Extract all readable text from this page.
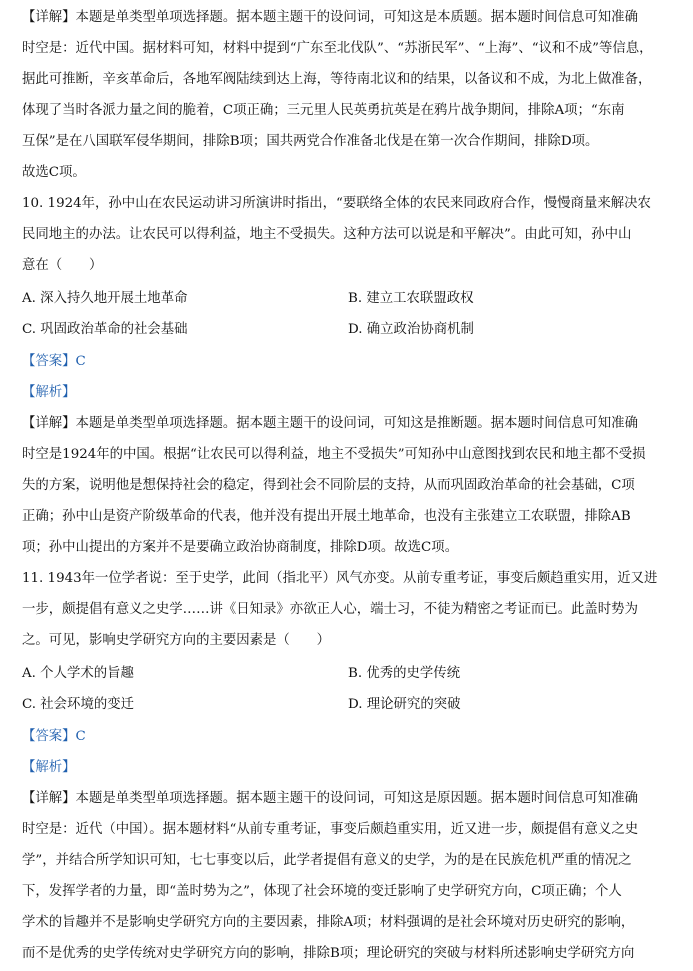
【详解】本题是单类型单项选择题。据本题主题干的设问词，可知这是本质题。据本题时间信息可知准确
时空是：近代中国。据材料可知，材料中提到“广东至北伐队”、“苏浙民军”、“上海”、“议和不成”等信息，
据此可推断，辛亥革命后，各地军阀陆续到达上海，等待南北议和的结果，以备议和不成，为北上做准备，
体现了当时各派力量之间的脆着，C项正确；三元里人民英勇抗英是在鸦片战争期间，排除A项；“东南
互保”是在八国联军侵华期间，排除B项；国共两党合作准备北伐是在第一次合作期间，排除D项。
故选C项。
10. 1924年，孙中山在农民运动讲习所演讲时指出，“要联络全体的农民来同政府合作，慢慢商量来解决农
民同地主的办法。让农民可以得利益，地主不受损失。这种方法可以说是和平解决”。由此可知，孙中山
意在（　　）
A. 深入持久地开展土地革命	B. 建立工农联盟政权
C. 巩固政治革命的社会基础	D. 确立政治协商机制
【答案】C
【解析】
【详解】本题是单类型单项选择题。据本题主题干的设问词，可知这是推断题。据本题时间信息可知准确
时空是1924年的中国。根据“让农民可以得利益，地主不受损失”可知孙中山意图找到农民和地主都不受损
失的方案，说明他是想保持社会的稳定，得到社会不同阶层的支持，从而巩固政治革命的社会基础，C项
正确；孙中山是资产阶级革命的代表，他并没有提出开展土地革命，也没有主张建立工农联盟，排除AB
项；孙中山提出的方案并不是要确立政治协商制度，排除D项。故选C项。
11. 1943年一位学者说：至于史学，此间（指北平）风气亦变。从前专重考证，事变后颇趋重实用，近又进
一步，颇提倡有意义之史学……讲《日知录》亦欲正人心，端士习，不徒为精密之考证而已。此盖时势为
之。可见，影响史学研究方向的主要因素是（　　）
A. 个人学术的旨趣	B. 优秀的史学传统
C. 社会环境的变迁	D. 理论研究的突破
【答案】C
【解析】
【详解】本题是单类型单项选择题。据本题主题干的设问词，可知这是原因题。据本题时间信息可知准确
时空是：近代（中国）。据本题材料“从前专重考证，事变后颇趋重实用，近又进一步，颇提倡有意义之史
学”，并结合所学知识可知，七七事变以后，此学者提倡有意义的史学，为的是在民族危机严重的情况之
下，发挥学者的力量，即“盖时势为之”，体现了社会环境的变迁影响了史学研究方向，C项正确；个人
学术的旨趣并不是影响史学研究方向的主要因素，排除A项；材料强调的是社会环境对历史研究的影响，
而不是优秀的史学传统对史学研究方向的影响，排除B项；理论研究的突破与材料所述影响史学研究方向
